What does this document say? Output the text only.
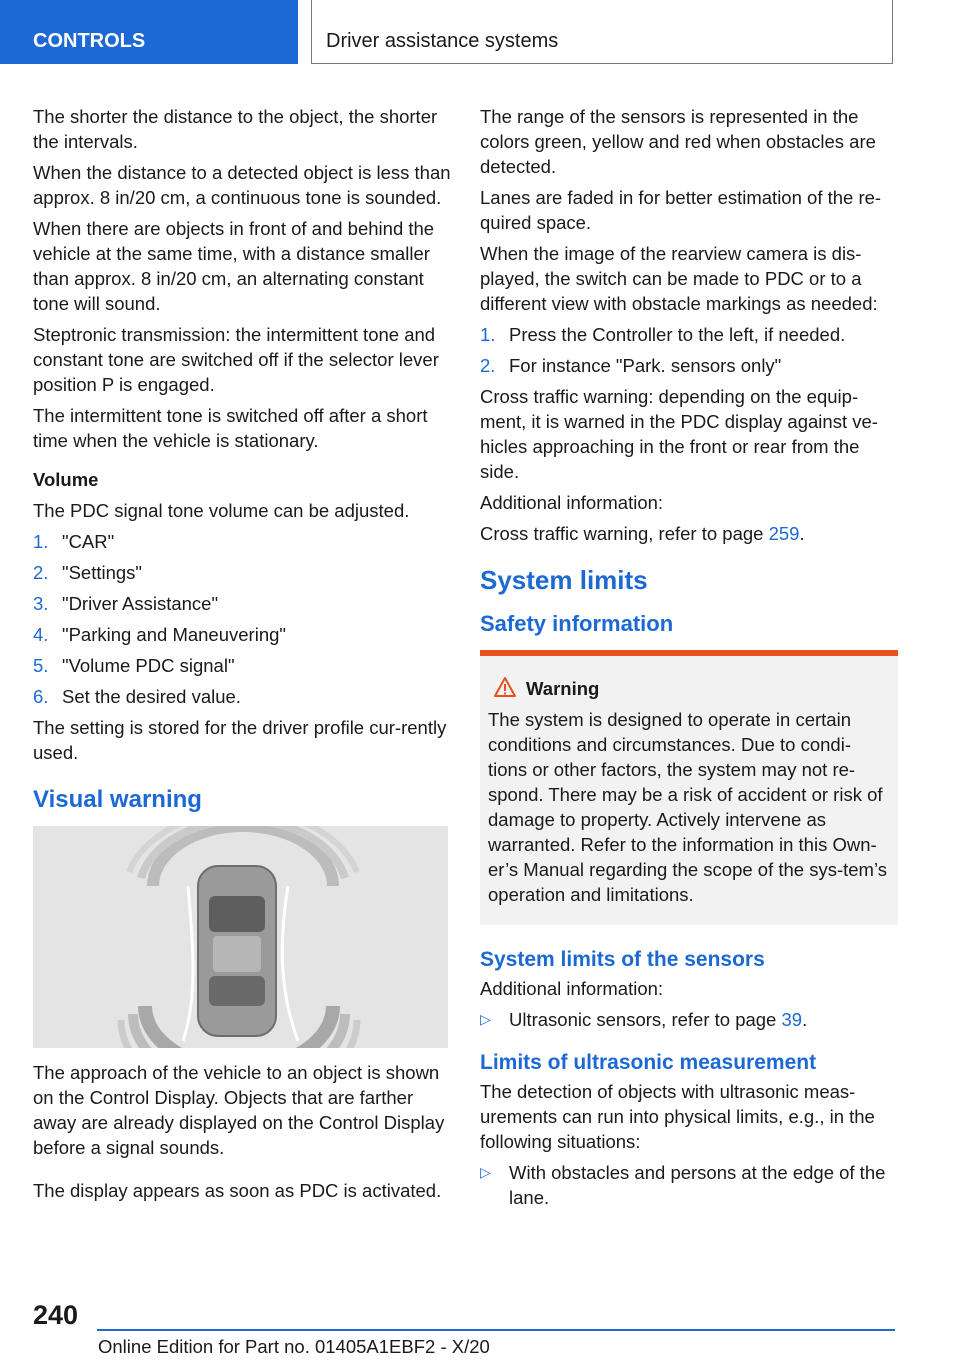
CONTROLS	Driver assistance systems

The shorter the distance to the object, the shorter the intervals.

When the distance to a detected object is less than approx. 8 in/20 cm, a continuous tone is sounded.

When there are objects in front of and behind the vehicle at the same time, with a distance smaller than approx. 8 in/20 cm, an alternating constant tone will sound.

Steptronic transmission: the intermittent tone and constant tone are switched off if the selector lever position P is engaged.

The intermittent tone is switched off after a short time when the vehicle is stationary.

Volume

The PDC signal tone volume can be adjusted.

1. "CAR"
2. "Settings"
3. "Driver Assistance"
4. "Parking and Maneuvering"
5. "Volume PDC signal"
6. Set the desired value.

The setting is stored for the driver profile cur‐rently used.

Visual warning

The approach of the vehicle to an object is shown on the Control Display. Objects that are farther away are already displayed on the Control Display before a signal sounds.

The display appears as soon as PDC is activated.

The range of the sensors is represented in the colors green, yellow and red when obstacles are detected.

Lanes are faded in for better estimation of the re‐quired space.

When the image of the rearview camera is dis‐played, the switch can be made to PDC or to a different view with obstacle markings as needed:

1. Press the Controller to the left, if needed.
2. For instance "Park. sensors only"

Cross traffic warning: depending on the equip‐ment, it is warned in the PDC display against ve‐hicles approaching in the front or rear from the side.

Additional information:

Cross traffic warning, refer to page 259.

System limits
Safety information
Warning

The system is designed to operate in certain conditions and circumstances. Due to condi‐tions or other factors, the system may not re‐spond. There may be a risk of accident or risk of damage to property. Actively intervene as warranted. Refer to the information in this Own‐er’s Manual regarding the scope of the sys‐tem’s operation and limitations.

System limits of the sensors

Additional information:

▷ Ultrasonic sensors, refer to page 39.
Limits of ultrasonic measurement

The detection of objects with ultrasonic meas‐urements can run into physical limits, e.g., in the following situations:

▷ With obstacles and persons at the edge of the lane.
240
Online Edition for Part no. 01405A1EBF2 - X/20
